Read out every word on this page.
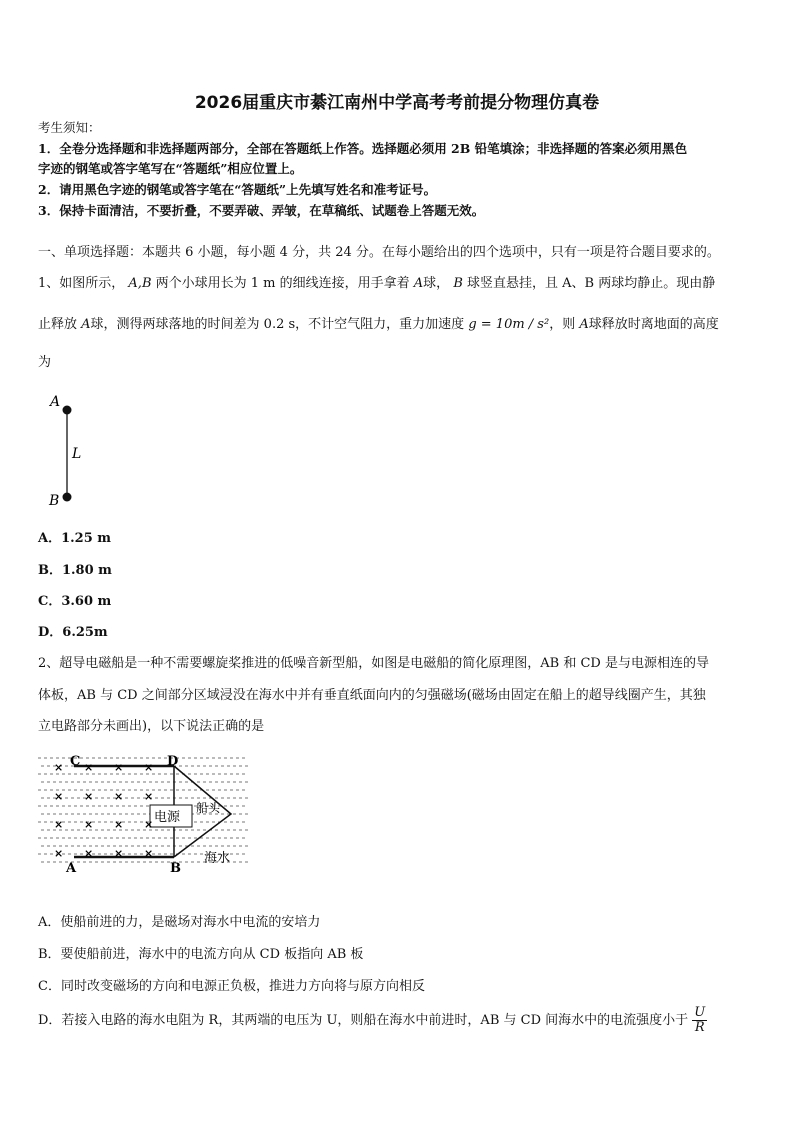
2026届重庆市綦江南州中学高考考前提分物理仿真卷
考生须知：
1．全卷分选择题和非选择题两部分，全部在答题纸上作答。选择题必须用 2B 铅笔填涂；非选择题的答案必须用黑色
字迹的钢笔或答字笔写在“答题纸”相应位置上。
2．请用黑色字迹的钢笔或答字笔在“答题纸”上先填写姓名和准考证号。
3．保持卡面清洁，不要折叠，不要弄破、弄皱，在草稿纸、试题卷上答题无效。
一、单项选择题：本题共 6 小题，每小题 4 分，共 24 分。在每小题给出的四个选项中，只有一项是符合题目要求的。
1、如图所示， A,B 两个小球用长为 1 m 的细线连接，用手拿着 A球， B 球竖直悬挂，且 A、B 两球均静止。现由静
止释放 A球，测得两球落地的时间差为 0.2 s，不计空气阻力，重力加速度 g = 10m / s²，则 A球释放时离地面的高度
为
A
B
L
A．1.25 m
B．1.80 m
C．3.60 m
D．6.25m
2、超导电磁船是一种不需要螺旋桨推进的低噪音新型船，如图是电磁船的简化原理图，AB 和 CD 是与电源相连的导
体板，AB 与 CD 之间部分区域浸没在海水中并有垂直纸面向内的匀强磁场(磁场由固定在船上的超导线圈产生，其独
立电路部分未画出)，以下说法正确的是
电源
船头
海水
× × × ×
× × × ×
× × × ×
× × × ×
C	D
A	B
A．使船前进的力，是磁场对海水中电流的安培力
B．要使船前进，海水中的电流方向从 CD 板指向 AB 板
C．同时改变磁场的方向和电源正负极，推进力方向将与原方向相反
D．若接入电路的海水电阻为 R，其两端的电压为 U，则船在海水中前进时，AB 与 CD 间海水中的电流强度小于 $\frac{U}{R}$
